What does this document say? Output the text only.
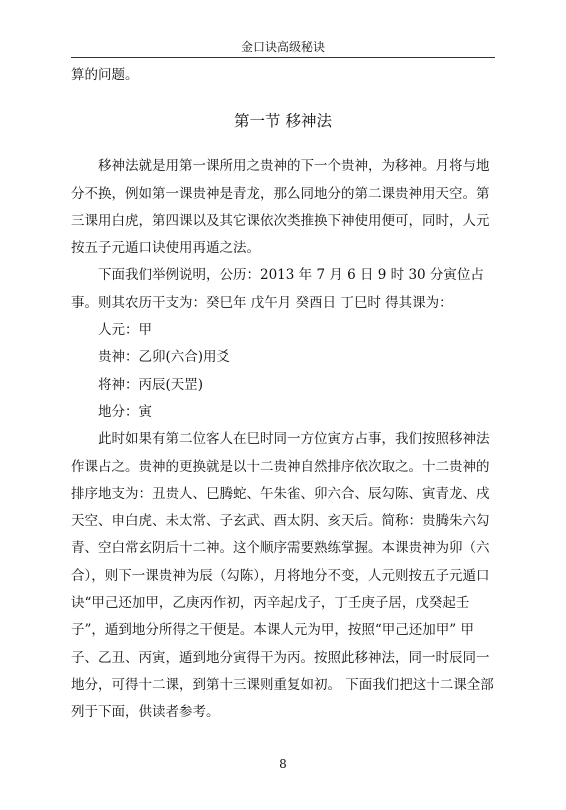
金口诀高级秘诀

算的问题。

第一节 移神法

移神法就是用第一课所用之贵神的下一个贵神，为移神。月将与地分不换，例如第一课贵神是青龙，那么同地分的第二课贵神用天空。第三课用白虎，第四课以及其它课依次类推换下神使用便可，同时，人元按五子元遁口诀使用再遁之法。

下面我们举例说明，公历：2013 年 7 月 6 日 9 时 30 分寅位占事。则其农历干支为：癸巳年 戊午月 癸酉日 丁巳时 得其课为：

人元：甲

贵神：乙卯(六合)用爻

将神：丙辰(天罡)

地分：寅

此时如果有第二位客人在巳时同一方位寅方占事，我们按照移神法作课占之。贵神的更换就是以十二贵神自然排序依次取之。十二贵神的排序地支为：丑贵人、巳腾蛇、午朱雀、卯六合、辰勾陈、寅青龙、戌天空、申白虎、未太常、子玄武、酉太阴、亥天后。简称：贵腾朱六勾青、空白常玄阴后十二神。这个顺序需要熟练掌握。本课贵神为卯（六合），则下一课贵神为辰（勾陈），月将地分不变，人元则按五子元遁口诀“甲己还加甲，乙庚丙作初，丙辛起戊子，丁壬庚子居，戊癸起壬子”，遁到地分所得之干便是。本课人元为甲，按照“甲己还加甲” 甲子、乙丑、丙寅，遁到地分寅得干为丙。按照此移神法，同一时辰同一地分，可得十二课，到第十三课则重复如初。 下面我们把这十二课全部列于下面，供读者参考。

8
